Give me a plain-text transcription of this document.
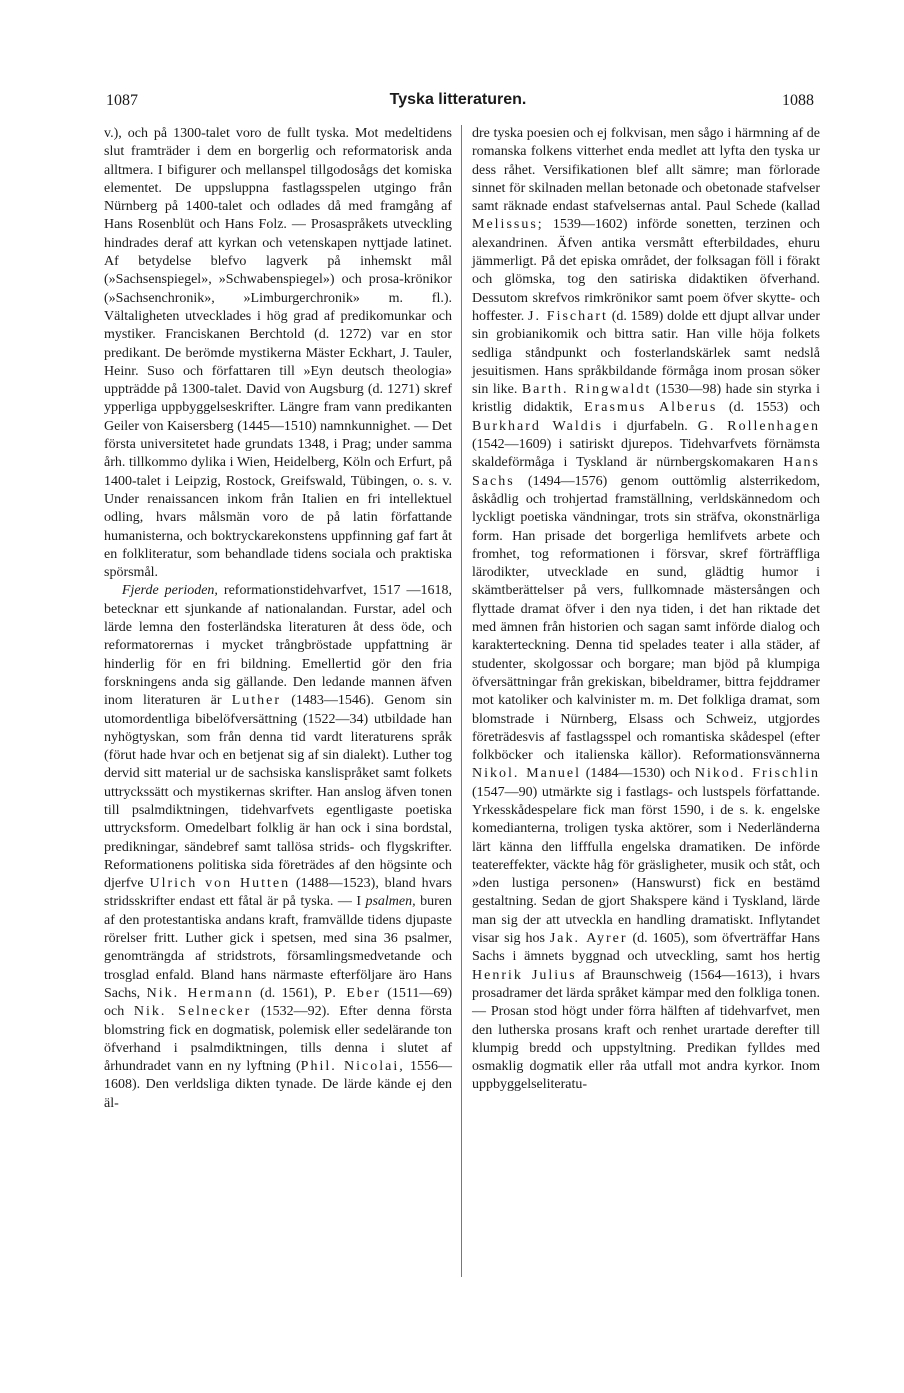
1087	Tyska litteraturen.	1088

v.), och på 1300-talet voro de fullt tyska. Mot medeltidens slut framträder i dem en borgerlig och reformatorisk anda alltmera. I bifigurer och mellanspel tillgodosågs det komiska elementet. De uppsluppna fastlagsspelen utgingo från Nürnberg på 1400-talet och odlades då med framgång af Hans Rosenblüt och Hans Folz. — Prosaspråkets utveckling hindrades deraf att kyrkan och vetenskapen nyttjade latinet. Af betydelse blefvo lagverk på inhemskt mål (»Sachsenspiegel», »Schwabenspiegel») och prosa-krönikor (»Sachsenchronik», »Limburgerchronik» m. fl.). Vältaligheten utvecklades i hög grad af predikomunkar och mystiker. Franciskanen Berchtold (d. 1272) var en stor predikant. De berömde mystikerna Mäster Eckhart, J. Tauler, Heinr. Suso och författaren till »Eyn deutsch theologia» uppträdde på 1300-talet. David von Augsburg (d. 1271) skref ypperliga uppbyggelseskrifter. Längre fram vann predikanten Geiler von Kaisersberg (1445—1510) namnkunnighet. — Det första universitetet hade grundats 1348, i Prag; under samma årh. tillkommo dylika i Wien, Heidelberg, Köln och Erfurt, på 1400-talet i Leipzig, Rostock, Greifswald, Tübingen, o. s. v. Under renaissancen inkom från Italien en fri intellektuel odling, hvars målsmän voro de på latin författande humanisterna, och boktryckarekonstens uppfinning gaf fart åt en folkliteratur, som behandlade tidens sociala och praktiska spörsmål.

Fjerde perioden, reformationstidehvarfvet, 1517 —1618, betecknar ett sjunkande af nationalandan. Furstar, adel och lärde lemna den fosterländska literaturen åt dess öde, och reformatorernas i mycket trångbröstade uppfattning är hinderlig för en fri bildning. Emellertid gör den fria forskningens anda sig gällande. Den ledande mannen äfven inom literaturen är Luther (1483—1546). Genom sin utomordentliga bibelöfversättning (1522—34) utbildade han nyhögtyskan, som från denna tid vardt literaturens språk (förut hade hvar och en betjenat sig af sin dialekt). Luther tog dervid sitt material ur de sachsiska kanslispråket samt folkets uttryckssätt och mystikernas skrifter. Han anslog äfven tonen till psalmdiktningen, tidehvarfvets egentligaste poetiska uttrycksform. Omedelbart folklig är han ock i sina bordstal, predikningar, sändebref samt tallösa strids- och flygskrifter. Reformationens politiska sida företrädes af den högsinte och djerfve Ulrich von Hutten (1488—1523), bland hvars stridsskrifter endast ett fåtal är på tyska. — I psalmen, buren af den protestantiska andans kraft, framvällde tidens djupaste rörelser fritt. Luther gick i spetsen, med sina 36 psalmer, genomträngda af stridstrots, församlingsmedvetande och trosglad enfald. Bland hans närmaste efterföljare äro Hans Sachs, Nik. Hermann (d. 1561), P. Eber (1511—69) och Nik. Selnecker (1532—92). Efter denna första blomstring fick en dogmatisk, polemisk eller sedelärande ton öfverhand i psalmdiktningen, tills denna i slutet af århundradet vann en ny lyftning (Phil. Nicolai, 1556—1608). Den verldsliga dikten tynade. De lärde kände ej den äl-

dre tyska poesien och ej folkvisan, men sågo i härmning af de romanska folkens vitterhet enda medlet att lyfta den tyska ur dess råhet. Versifikationen blef allt sämre; man förlorade sinnet för skilnaden mellan betonade och obetonade stafvelser samt räknade endast stafvelsernas antal. Paul Schede (kallad Melissus; 1539—1602) införde sonetten, terzinen och alexandrinen. Äfven antika versmått efterbildades, ehuru jämmerligt. På det episka området, der folksagan föll i förakt och glömska, tog den satiriska didaktiken öfverhand. Dessutom skrefvos rimkrönikor samt poem öfver skytte- och hoffester. J. Fischart (d. 1589) dolde ett djupt allvar under sin grobianikomik och bittra satir. Han ville höja folkets sedliga ståndpunkt och fosterlandskärlek samt nedslå jesuitismen. Hans språkbildande förmåga inom prosan söker sin like. Barth. Ringwaldt (1530—98) hade sin styrka i kristlig didaktik, Erasmus Alberus (d. 1553) och Burkhard Waldis i djurfabeln. G. Rollenhagen (1542—1609) i satiriskt djurepos. Tidehvarfvets förnämsta skaldeförmåga i Tyskland är nürnbergskomakaren Hans Sachs (1494—1576) genom outtömlig alsterrikedom, åskådlig och trohjertad framställning, verldskännedom och lyckligt poetiska vändningar, trots sin sträfva, okonstnärliga form. Han prisade det borgerliga hemlifvets arbete och fromhet, tog reformationen i försvar, skref förträffliga lärodikter, utvecklade en sund, glädtig humor i skämtberättelser på vers, fullkomnade mästersången och flyttade dramat öfver i den nya tiden, i det han riktade det med ämnen från historien och sagan samt införde dialog och karakterteckning. Denna tid spelades teater i alla städer, af studenter, skolgossar och borgare; man bjöd på klumpiga öfversättningar från grekiskan, bibeldramer, bittra fejddramer mot katoliker och kalvinister m. m. Det folkliga dramat, som blomstrade i Nürnberg, Elsass och Schweiz, utgjordes företrädesvis af fastlagsspel och romantiska skådespel (efter folkböcker och italienska källor). Reformationsvännerna Nikol. Manuel (1484—1530) och Nikod. Frischlin (1547—90) utmärkte sig i fastlags- och lustspels författande. Yrkesskådespelare fick man först 1590, i de s. k. engelske komedianterna, troligen tyska aktörer, som i Nederländerna lärt känna den lifffulla engelska dramatiken. De införde teatereffekter, väckte håg för gräsligheter, musik och ståt, och »den lustiga personen» (Hanswurst) fick en bestämd gestaltning. Sedan de gjort Shakspere känd i Tyskland, lärde man sig der att utveckla en handling dramatiskt. Inflytandet visar sig hos Jak. Ayrer (d. 1605), som öfverträffar Hans Sachs i ämnets byggnad och utveckling, samt hos hertig Henrik Julius af Braunschweig (1564—1613), i hvars prosadramer det lärda språket kämpar med den folkliga tonen. — Prosan stod högt under förra hälften af tidehvarfvet, men den lutherska prosans kraft och renhet urartade derefter till klumpig bredd och uppstyltning. Predikan fylldes med osmaklig dogmatik eller råa utfall mot andra kyrkor. Inom uppbyggelseliteratu-
